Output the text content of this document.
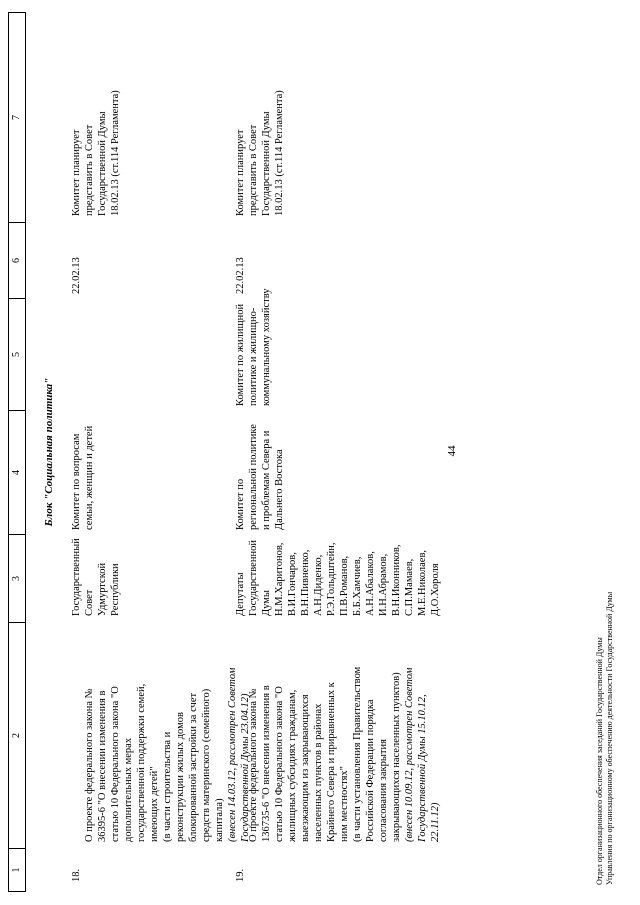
44
1
2
3
4
5
6
7
Блок "Социальная политика"
18.

О проекте федерального закона № 36395-6 "О внесении изменения в статью 10 Федерального закона "О дополнительных мерах государственной поддержки семей, имеющих детей"
(в части строительства и реконструкции жилых домов блокированной застройки за счет средств материнского (семейного) капитала) (внесен 14.03.12, рассмотрен Советом Государственной Думы 23.04.12)

Государственный Совет Удмуртской Республики
Комитет по вопросам семьи, женщин и детей
22.02.13
Комитет планирует представить в Совет Государственной Думы 18.02.13 (ст.114 Регламента)
19.

О проекте федерального закона № 136735-6 "О внесении изменения в статью 10 Федерального закона "О жилищных субсидиях гражданам, выезжающим из закрывающихся населенных пунктов в районах Крайнего Севера и приравненных к ним местностях"
(в части установления Правительством Российской Федерации порядка согласования закрытия закрывающихся населенных пунктов) (внесен 10.09.12, рассмотрен Советом Государственной Думы 15.10.12, 22.11.12)

Депутаты Государственной Думы Н.М.Харитонов, В.И.Гончаров, В.Н.Пивненко, А.Н.Диденко, Р.Э.Гольдштейн, П.В.Романов, Б.Б.Хамчиев, А.Н.Абалаков, И.Н.Абрамов, В.Н.Иконников, С.П.Мамаев, М.Е.Николаев, Д.О.Хороля
Комитет по региональной политике и проблемам Севера и Дальнего Востока
Комитет по жилищной политике и жилищно-коммунальному хозяйству
22.02.13
Комитет планирует представить в Совет Государственной Думы 18.02.13 (ст.114 Регламента)
Отдел организационного обеспечения заседаний Государственной Думы Управления по организационному обеспечению деятельности Государственной Думы
